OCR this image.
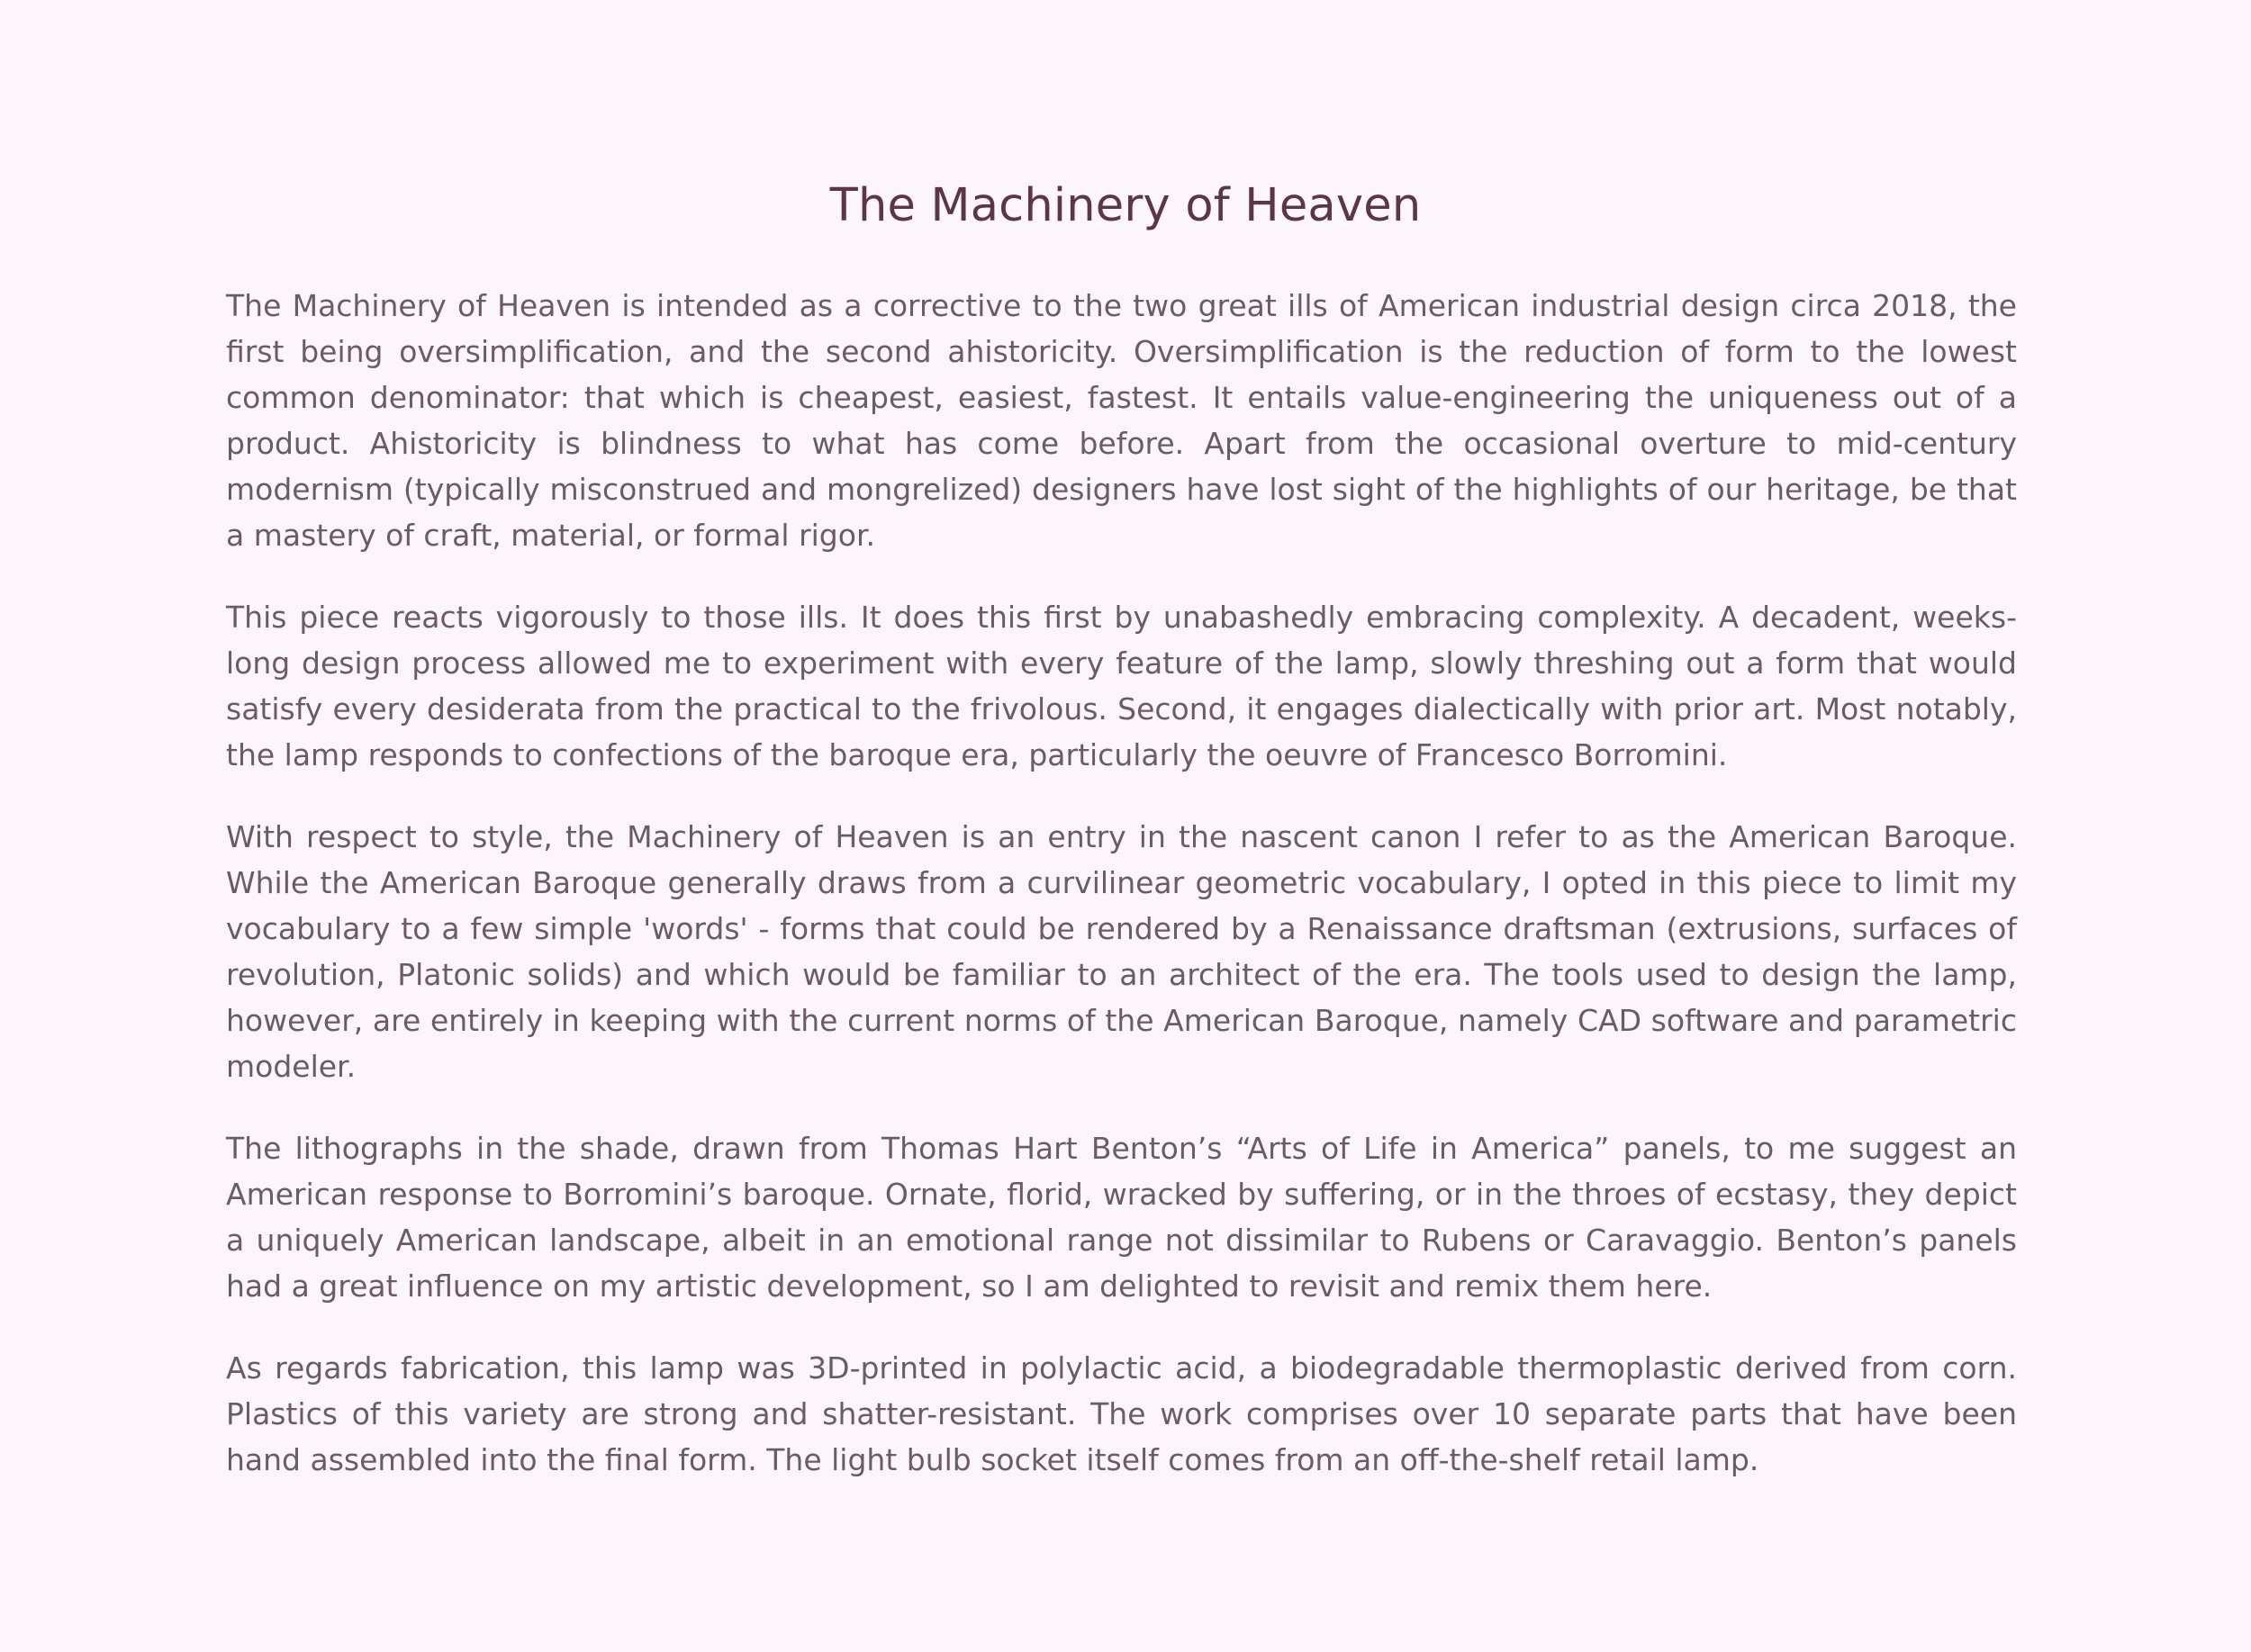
The Machinery of Heaven

The Machinery of Heaven is intended as a corrective to the two great ills of American industrial design circa 2018, the first being oversimplification, and the second ahistoricity. Oversimplification is the reduction of form to the lowest common denominator: that which is cheapest, easiest, fastest. It entails value-engineering the uniqueness out of a product. Ahistoricity is blindness to what has come before. Apart from the occasional overture to mid-century modernism (typically misconstrued and mongrelized) designers have lost sight of the highlights of our heritage, be that a mastery of craft, material, or formal rigor.

This piece reacts vigorously to those ills. It does this first by unabashedly embracing complexity. A decadent, weeks-long design process allowed me to experiment with every feature of the lamp, slowly threshing out a form that would satisfy every desiderata from the practical to the frivolous. Second, it engages dialectically with prior art. Most notably, the lamp responds to confections of the baroque era, particularly the oeuvre of Francesco Borromini.

With respect to style, the Machinery of Heaven is an entry in the nascent canon I refer to as the American Baroque. While the American Baroque generally draws from a curvilinear geometric vocabulary, I opted in this piece to limit my vocabulary to a few simple 'words' - forms that could be rendered by a Renaissance draftsman (extrusions, surfaces of revolution, Platonic solids) and which would be familiar to an architect of the era. The tools used to design the lamp, however, are entirely in keeping with the current norms of the American Baroque, namely CAD software and parametric modeler.

The lithographs in the shade, drawn from Thomas Hart Benton’s “Arts of Life in America” panels, to me suggest an American response to Borromini’s baroque. Ornate, florid, wracked by suffering, or in the throes of ecstasy, they depict a uniquely American landscape, albeit in an emotional range not dissimilar to Rubens or Caravaggio. Benton’s panels had a great influence on my artistic development, so I am delighted to revisit and remix them here.

As regards fabrication, this lamp was 3D-printed in polylactic acid, a biodegradable thermoplastic derived from corn. Plastics of this variety are strong and shatter-resistant. The work comprises over 10 separate parts that have been hand assembled into the final form. The light bulb socket itself comes from an off-the-shelf retail lamp.
